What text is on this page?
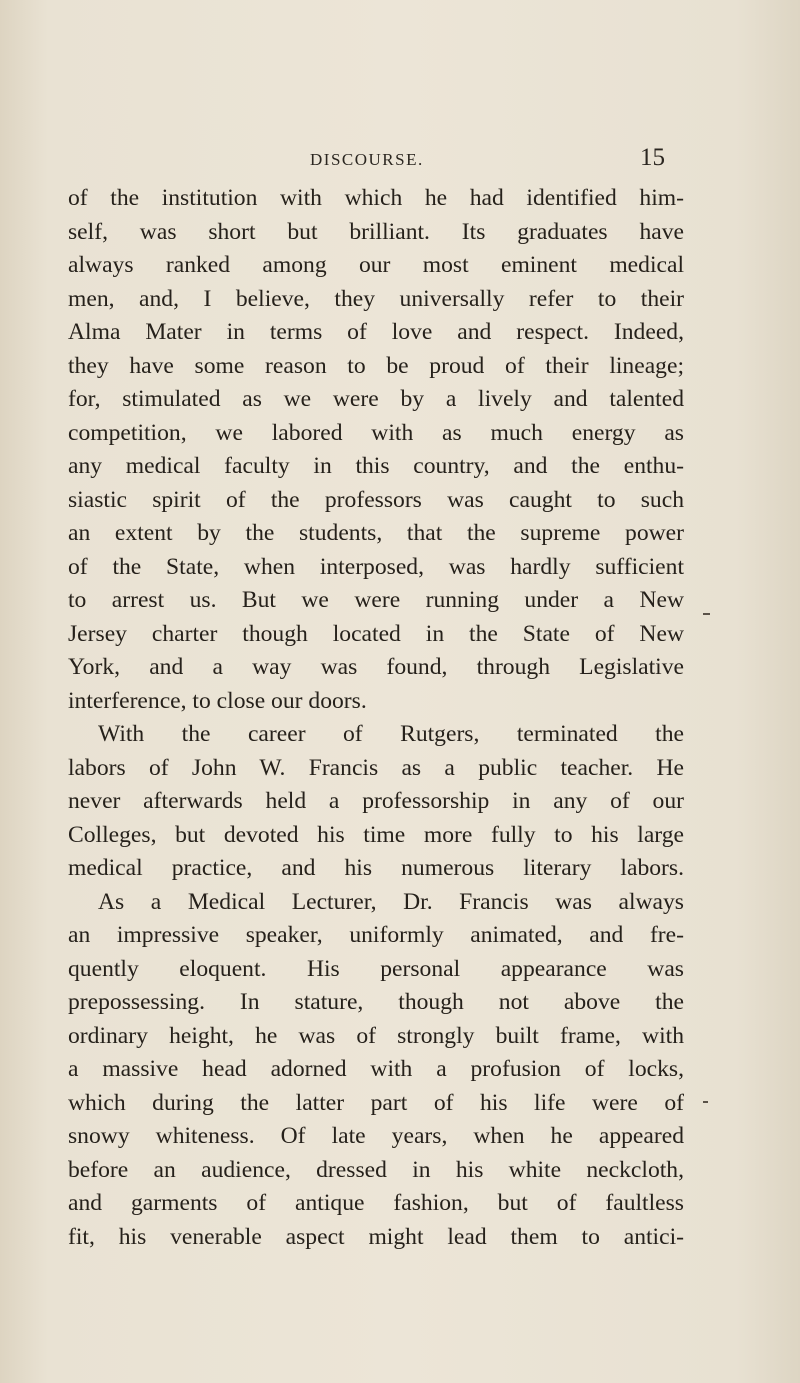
DISCOURSE.	15
of the institution with which he had identified him-
self, was short but brilliant. Its graduates have
always ranked among our most eminent medical
men, and, I believe, they universally refer to their
Alma Mater in terms of love and respect. Indeed,
they have some reason to be proud of their lineage;
for, stimulated as we were by a lively and talented
competition, we labored with as much energy as
any medical faculty in this country, and the enthu-
siastic spirit of the professors was caught to such
an extent by the students, that the supreme power
of the State, when interposed, was hardly sufficient
to arrest us. But we were running under a New
Jersey charter though located in the State of New
York, and a way was found, through Legislative
interference, to close our doors.
With the career of Rutgers, terminated the
labors of John W. Francis as a public teacher. He
never afterwards held a professorship in any of our
Colleges, but devoted his time more fully to his large
medical practice, and his numerous literary labors.
As a Medical Lecturer, Dr. Francis was always
an impressive speaker, uniformly animated, and fre-
quently eloquent. His personal appearance was
prepossessing. In stature, though not above the
ordinary height, he was of strongly built frame, with
a massive head adorned with a profusion of locks,
which during the latter part of his life were of
snowy whiteness. Of late years, when he appeared
before an audience, dressed in his white neckcloth,
and garments of antique fashion, but of faultless
fit, his venerable aspect might lead them to antici-
